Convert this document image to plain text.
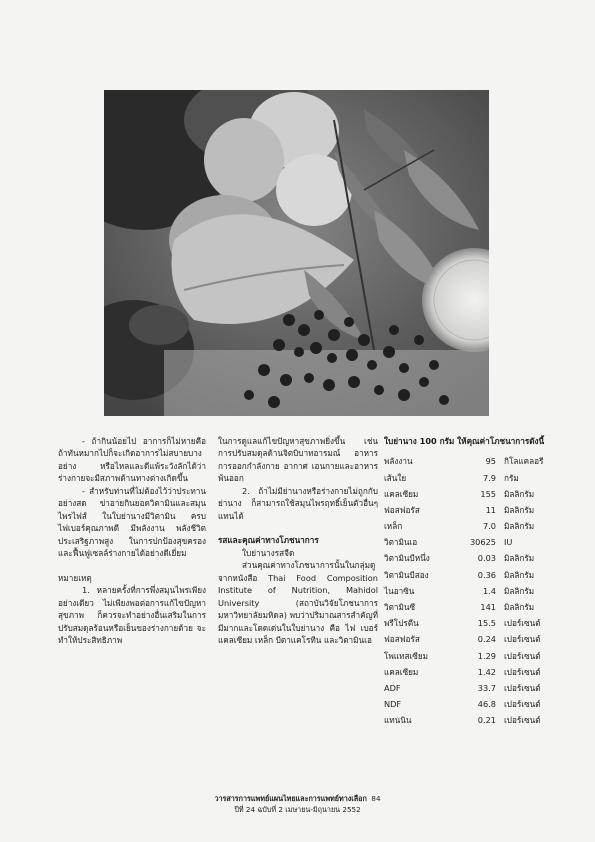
- ถ้ากินน้อยไป อาการก็ไม่หายคือ ถ้าทันหมากไปก็จะเกิดอาการไม่สบายบางอย่าง หรือไหลและดีแพ้ระวังลักได้ว่าร่างกายจะมีสภาพด้านทางต่างเกิดขึ้น

- สำหรับท่านที่ไม่ต้องไว้ว่าประทานอย่างสด ข่าอายกินยอดวิตามินและสมุนไพรไฟส์ ในใบย่านางมีวิตามิน ครบไฟเบอร์คุณภาพดี มีพลังงาน พลังชีวิตประเสริฐภาพสูง ในการปกป้องสุขครองและฟื้นฟูเซลล์ร่างกายได้อย่างดีเยี่ยม

หมายเหตุ

1. หลายครั้งที่การพึ่งสมุนไพรเพียงอย่างเดียว ไม่เพียงพอต่อการแก้ไขปัญหาสุขภาพ ก็ควรจะทำอย่างอื่นเสริมในการปรับสมดุลร้อนหรือเย็นของร่างกายด้วย จะทำให้ประสิทธิภาพ

ในการดูแลแก้ไขปัญหาสุขภาพยิ่งขึ้น เช่น การปรับสมดุลด้านจิตบิบาทอารมณ์ อาหาร การออกกำลังกาย อากาศ เอนกายและอาหารพ้นออก

2. ถ้าไม่มีย่านางหรือร่างกายไม่ถูกกับย่านาง ก็สามารถใช้สมุนไพรฤทธิ์เย็นตัวอื่นๆ แทนได้

รสและคุณค่าทางโภชนาการ

ใบย่านางรสจืด

ส่วนคุณค่าทางโภชนาการนั้นในกลุ่มดู จากหนังสือ Thai Food Composition Institute of Nutrition, Mahidol University (สถาบันวิจัยโภชนาการ มหาวิทยาลัยมหิดล) พบว่าปริมาณสารสำคัญที่มีมากและโดดเด่นในใบย่านาง คือ ไฟ เบอร์ แคลเซียม เหล็ก บีตาแคโรทีน และวิตามินเอ

ใบย่านาง 100 กรัม ให้คุณค่าโภชนาการดังนี้

พลังงาน	95	กิโลแคลอรี
เส้นใย	7.9	กรัม
แคลเซียม	155	มิลลิกรัม
ฟอสฟอรัส	11	มิลลิกรัม
เหล็ก	7.0	มิลลิกรัม
วิตามินเอ	30625	IU
วิตามินบีหนึ่ง	0.03	มิลลิกรัม
วิตามินบีสอง	0.36	มิลลิกรัม
ไนอาซิน	1.4	มิลลิกรัม
วิตามินซี	141	มิลลิกรัม
พรีโปรตีน	15.5	เปอร์เซนต์
ฟอสฟอรัส	0.24	เปอร์เซนต์
โพแทสเซียม	1.29	เปอร์เซนต์
แคลเซียม	1.42	เปอร์เซนต์
ADF	33.7	เปอร์เซนต์
NDF	46.8	เปอร์เซนต์
แทนนิน	0.21	เปอร์เซนต์
วารสารการแพทย์แผนไทยและการแพทย์ทางเลือก 84
ปีที่ 24 ฉบับที่ 2 เมษายน-มิถุนายน 2552
